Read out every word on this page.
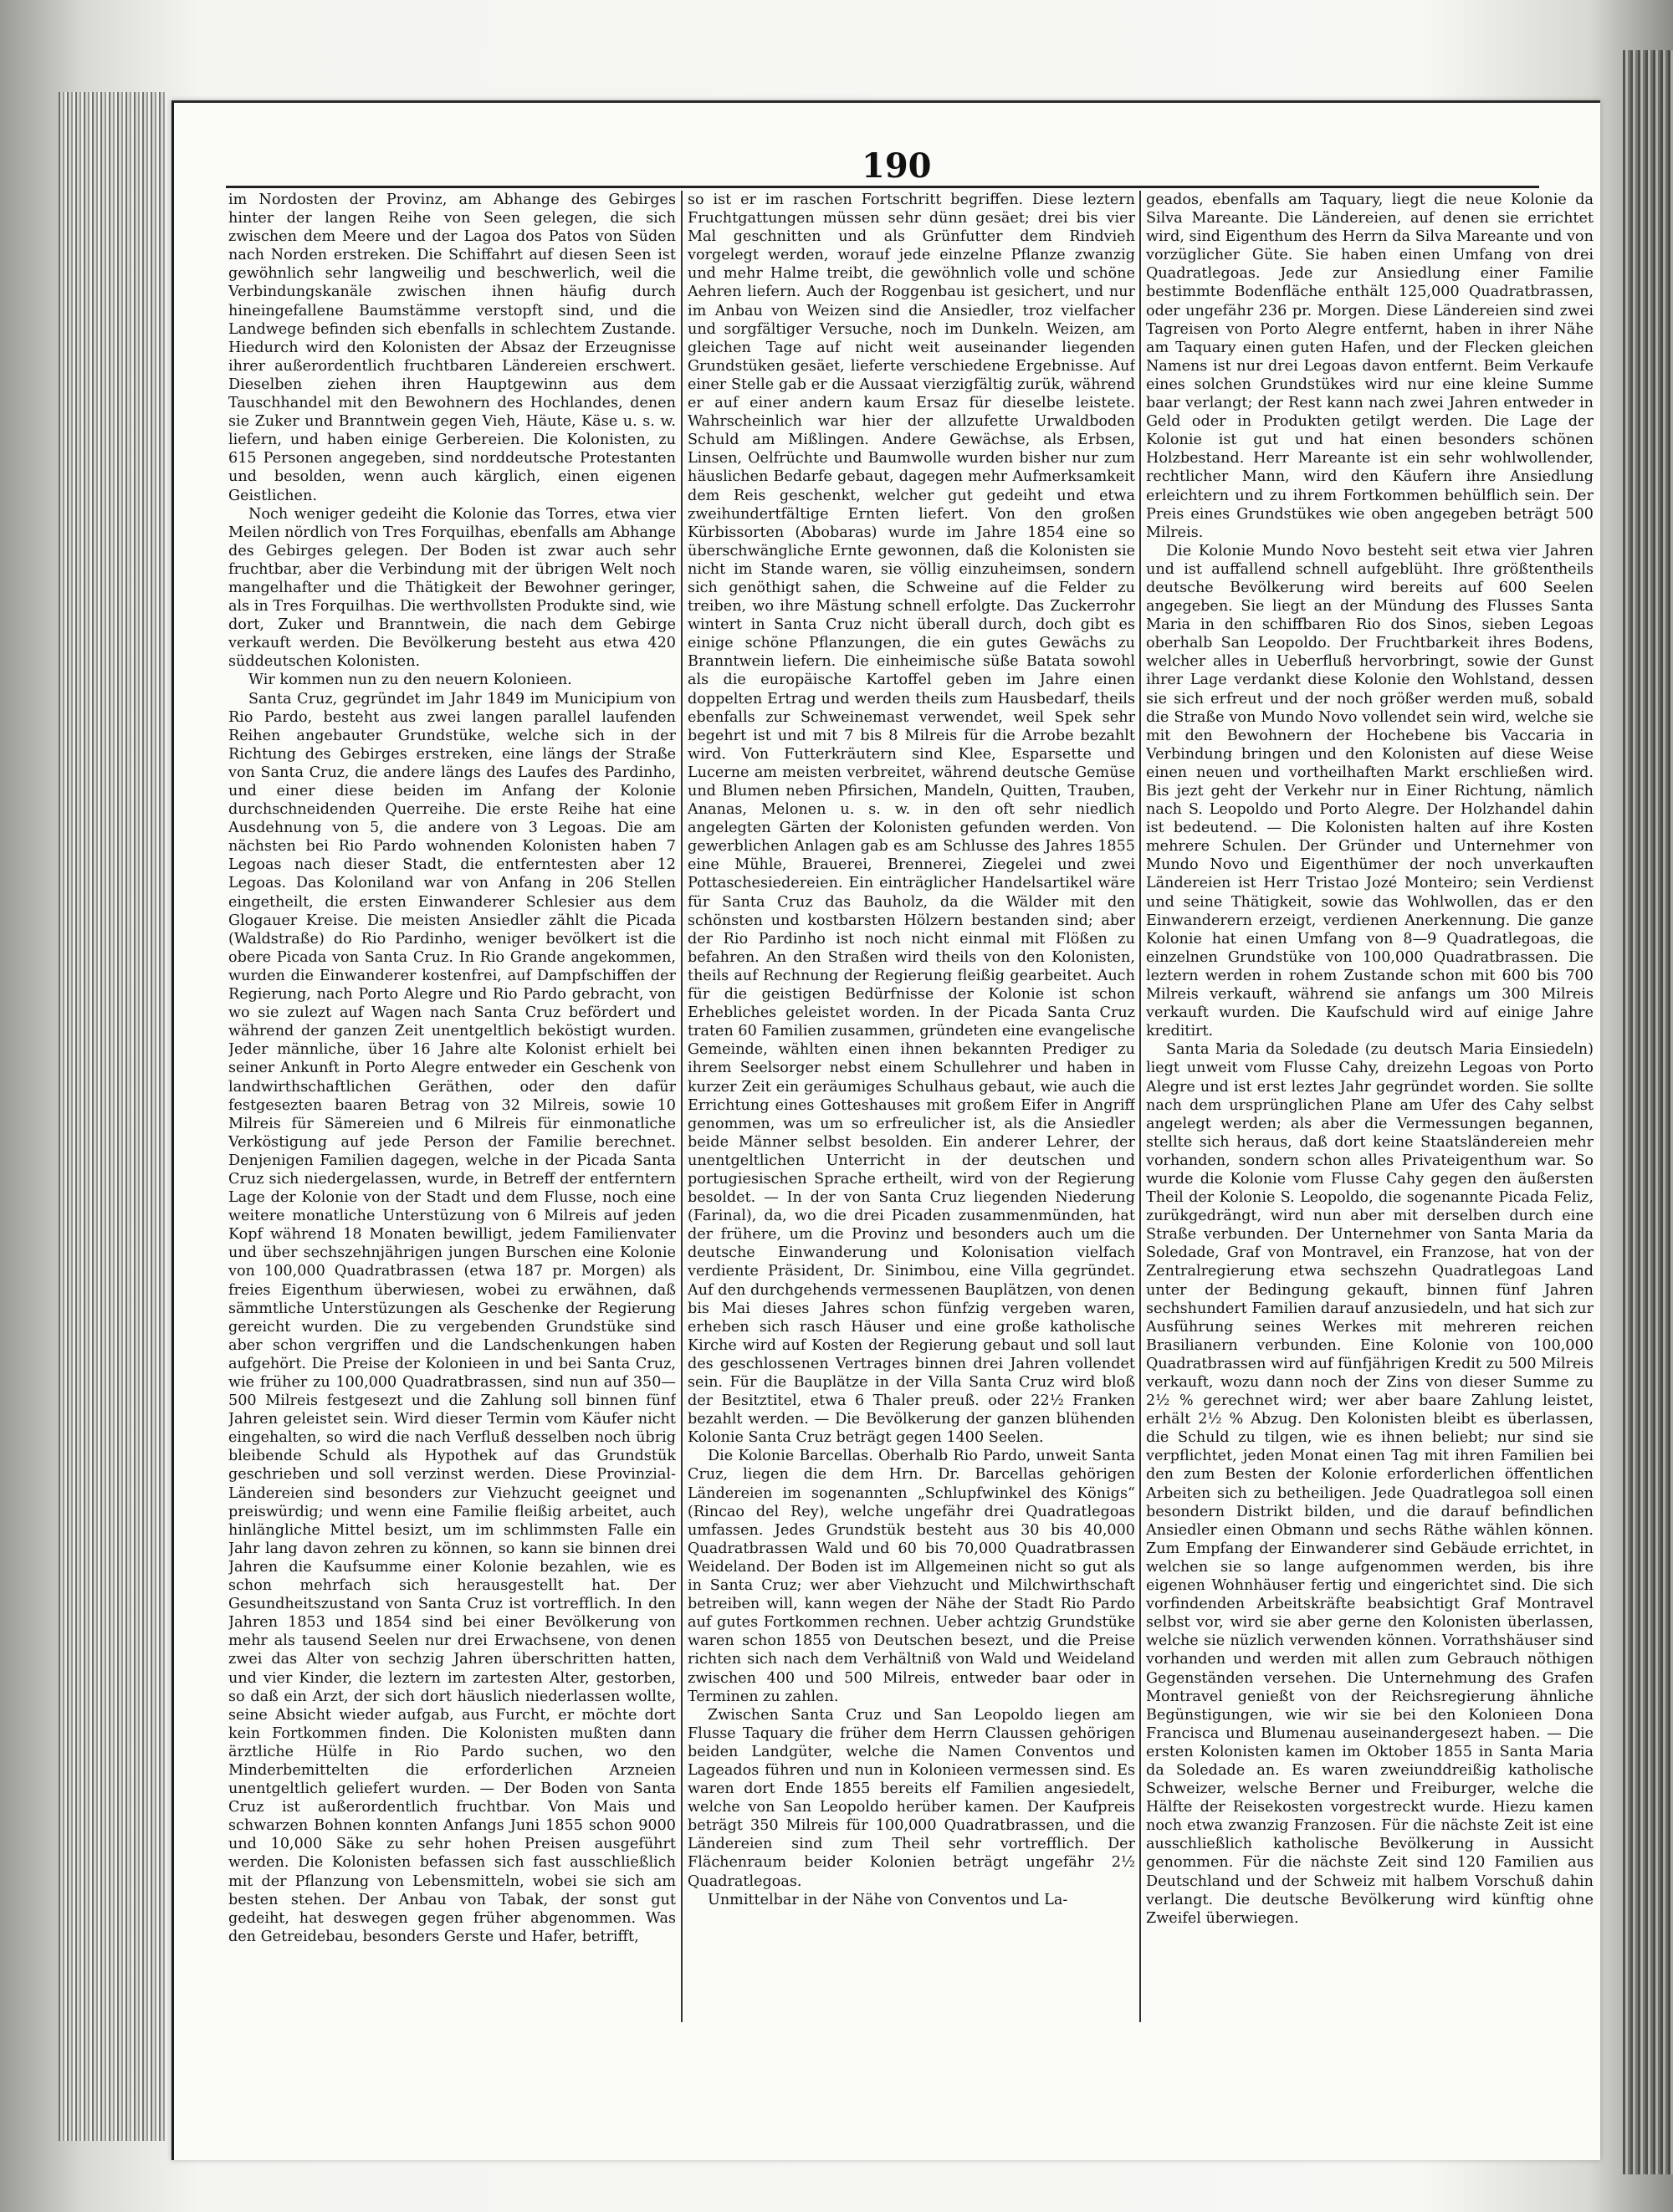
190

im Nordosten der Provinz, am Abhange des Gebirges hinter der langen Reihe von Seen gelegen, die sich zwischen dem Meere und der Lagoa dos Patos von Süden nach Norden erstreken. Die Schiffahrt auf diesen Seen ist gewöhnlich sehr langweilig und beschwerlich, weil die Verbindungskanäle zwischen ihnen häufig durch hineingefallene Baumstämme verstopft sind, und die Landwege befinden sich ebenfalls in schlechtem Zustande. Hiedurch wird den Kolonisten der Absaz der Erzeugnisse ihrer außerordentlich fruchtbaren Ländereien erschwert. Dieselben ziehen ihren Hauptgewinn aus dem Tauschhandel mit den Bewohnern des Hochlandes, denen sie Zuker und Branntwein gegen Vieh, Häute, Käse u. s. w. liefern, und haben einige Gerbereien. Die Kolonisten, zu 615 Personen angegeben, sind norddeutsche Protestanten und besolden, wenn auch kärglich, einen eigenen Geistlichen.

Noch weniger gedeiht die Kolonie das Torres, etwa vier Meilen nördlich von Tres Forquilhas, ebenfalls am Abhange des Gebirges gelegen. Der Boden ist zwar auch sehr fruchtbar, aber die Verbindung mit der übrigen Welt noch mangelhafter und die Thätigkeit der Bewohner geringer, als in Tres Forquilhas. Die werthvollsten Produkte sind, wie dort, Zuker und Branntwein, die nach dem Gebirge verkauft werden. Die Bevölkerung besteht aus etwa 420 süddeutschen Kolonisten.

Wir kommen nun zu den neuern Kolonieen.

Santa Cruz, gegründet im Jahr 1849 im Municipium von Rio Pardo, besteht aus zwei langen parallel laufenden Reihen angebauter Grundstüke, welche sich in der Richtung des Gebirges erstreken, eine längs der Straße von Santa Cruz, die andere längs des Laufes des Pardinho, und einer diese beiden im Anfang der Kolonie durchschneidenden Querreihe. Die erste Reihe hat eine Ausdehnung von 5, die andere von 3 Legoas. Die am nächsten bei Rio Pardo wohnenden Kolonisten haben 7 Legoas nach dieser Stadt, die entferntesten aber 12 Legoas. Das Koloniland war von Anfang in 206 Stellen eingetheilt, die ersten Einwanderer Schlesier aus dem Glogauer Kreise. Die meisten Ansiedler zählt die Picada (Waldstraße) do Rio Pardinho, weniger bevölkert ist die obere Picada von Santa Cruz. In Rio Grande angekommen, wurden die Einwanderer kostenfrei, auf Dampfschiffen der Regierung, nach Porto Alegre und Rio Pardo gebracht, von wo sie zulezt auf Wagen nach Santa Cruz befördert und während der ganzen Zeit unentgeltlich beköstigt wurden. Jeder männliche, über 16 Jahre alte Kolonist erhielt bei seiner Ankunft in Porto Alegre entweder ein Geschenk von landwirthschaftlichen Geräthen, oder den dafür festgesezten baaren Betrag von 32 Milreis, sowie 10 Milreis für Sämereien und 6 Milreis für einmonatliche Verköstigung auf jede Person der Familie berechnet. Denjenigen Familien dagegen, welche in der Picada Santa Cruz sich niedergelassen, wurde, in Betreff der entferntern Lage der Kolonie von der Stadt und dem Flusse, noch eine weitere monatliche Unterstüzung von 6 Milreis auf jeden Kopf während 18 Monaten bewilligt, jedem Familienvater und über sechszehnjährigen jungen Burschen eine Kolonie von 100,000 Quadratbrassen (etwa 187 pr. Morgen) als freies Eigenthum überwiesen, wobei zu erwähnen, daß sämmtliche Unterstüzungen als Geschenke der Regierung gereicht wurden. Die zu vergebenden Grundstüke sind aber schon vergriffen und die Landschenkungen haben aufgehört. Die Preise der Kolonieen in und bei Santa Cruz, wie früher zu 100,000 Quadratbrassen, sind nun auf 350—500 Milreis festgesezt und die Zahlung soll binnen fünf Jahren geleistet sein. Wird dieser Termin vom Käufer nicht eingehalten, so wird die nach Verfluß desselben noch übrig bleibende Schuld als Hypothek auf das Grundstük geschrieben und soll verzinst werden. Diese Provinzial-Ländereien sind besonders zur Viehzucht geeignet und preiswürdig; und wenn eine Familie fleißig arbeitet, auch hinlängliche Mittel besizt, um im schlimmsten Falle ein Jahr lang davon zehren zu können, so kann sie binnen drei Jahren die Kaufsumme einer Kolonie bezahlen, wie es schon mehrfach sich herausgestellt hat. Der Gesundheitszustand von Santa Cruz ist vortrefflich. In den Jahren 1853 und 1854 sind bei einer Bevölkerung von mehr als tausend Seelen nur drei Erwachsene, von denen zwei das Alter von sechzig Jahren überschritten hatten, und vier Kinder, die leztern im zartesten Alter, gestorben, so daß ein Arzt, der sich dort häuslich niederlassen wollte, seine Absicht wieder aufgab, aus Furcht, er möchte dort kein Fortkommen finden. Die Kolonisten mußten dann ärztliche Hülfe in Rio Pardo suchen, wo den Minderbemittelten die erforderlichen Arzneien unentgeltlich geliefert wurden. — Der Boden von Santa Cruz ist außerordentlich fruchtbar. Von Mais und schwarzen Bohnen konnten Anfangs Juni 1855 schon 9000 und 10,000 Säke zu sehr hohen Preisen ausgeführt werden. Die Kolonisten befassen sich fast ausschließlich mit der Pflanzung von Lebensmitteln, wobei sie sich am besten stehen. Der Anbau von Tabak, der sonst gut gedeiht, hat deswegen gegen früher abgenommen. Was den Getreidebau, besonders Gerste und Hafer, betrifft,

so ist er im raschen Fortschritt begriffen. Diese leztern Fruchtgattungen müssen sehr dünn gesäet; drei bis vier Mal geschnitten und als Grünfutter dem Rindvieh vorgelegt werden, worauf jede einzelne Pflanze zwanzig und mehr Halme treibt, die gewöhnlich volle und schöne Aehren liefern. Auch der Roggenbau ist gesichert, und nur im Anbau von Weizen sind die Ansiedler, troz vielfacher und sorgfältiger Versuche, noch im Dunkeln. Weizen, am gleichen Tage auf nicht weit auseinander liegenden Grundstüken gesäet, lieferte verschiedene Ergebnisse. Auf einer Stelle gab er die Aussaat vierzigfältig zurük, während er auf einer andern kaum Ersaz für dieselbe leistete. Wahrscheinlich war hier der allzufette Urwaldboden Schuld am Mißlingen. Andere Gewächse, als Erbsen, Linsen, Oelfrüchte und Baumwolle wurden bisher nur zum häuslichen Bedarfe gebaut, dagegen mehr Aufmerksamkeit dem Reis geschenkt, welcher gut gedeiht und etwa zweihundertfältige Ernten liefert. Von den großen Kürbissorten (Abobaras) wurde im Jahre 1854 eine so überschwängliche Ernte gewonnen, daß die Kolonisten sie nicht im Stande waren, sie völlig einzuheimsen, sondern sich genöthigt sahen, die Schweine auf die Felder zu treiben, wo ihre Mästung schnell erfolgte. Das Zuckerrohr wintert in Santa Cruz nicht überall durch, doch gibt es einige schöne Pflanzungen, die ein gutes Gewächs zu Branntwein liefern. Die einheimische süße Batata sowohl als die europäische Kartoffel geben im Jahre einen doppelten Ertrag und werden theils zum Hausbedarf, theils ebenfalls zur Schweinemast verwendet, weil Spek sehr begehrt ist und mit 7 bis 8 Milreis für die Arrobe bezahlt wird. Von Futterkräutern sind Klee, Esparsette und Lucerne am meisten verbreitet, während deutsche Gemüse und Blumen neben Pfirsichen, Mandeln, Quitten, Trauben, Ananas, Melonen u. s. w. in den oft sehr niedlich angelegten Gärten der Kolonisten gefunden werden. Von gewerblichen Anlagen gab es am Schlusse des Jahres 1855 eine Mühle, Brauerei, Brennerei, Ziegelei und zwei Pottaschesiedereien. Ein einträglicher Handelsartikel wäre für Santa Cruz das Bauholz, da die Wälder mit den schönsten und kostbarsten Hölzern bestanden sind; aber der Rio Pardinho ist noch nicht einmal mit Flößen zu befahren. An den Straßen wird theils von den Kolonisten, theils auf Rechnung der Regierung fleißig gearbeitet. Auch für die geistigen Bedürfnisse der Kolonie ist schon Erhebliches geleistet worden. In der Picada Santa Cruz traten 60 Familien zusammen, gründeten eine evangelische Gemeinde, wählten einen ihnen bekannten Prediger zu ihrem Seelsorger nebst einem Schullehrer und haben in kurzer Zeit ein geräumiges Schulhaus gebaut, wie auch die Errichtung eines Gotteshauses mit großem Eifer in Angriff genommen, was um so erfreulicher ist, als die Ansiedler beide Männer selbst besolden. Ein anderer Lehrer, der unentgeltlichen Unterricht in der deutschen und portugiesischen Sprache ertheilt, wird von der Regierung besoldet. — In der von Santa Cruz liegenden Niederung (Farinal), da, wo die drei Picaden zusammenmünden, hat der frühere, um die Provinz und besonders auch um die deutsche Einwanderung und Kolonisation vielfach verdiente Präsident, Dr. Sinimbou, eine Villa gegründet. Auf den durchgehends vermessenen Bauplätzen, von denen bis Mai dieses Jahres schon fünfzig vergeben waren, erheben sich rasch Häuser und eine große katholische Kirche wird auf Kosten der Regierung gebaut und soll laut des geschlossenen Vertrages binnen drei Jahren vollendet sein. Für die Bauplätze in der Villa Santa Cruz wird bloß der Besitztitel, etwa 6 Thaler preuß. oder 22½ Franken bezahlt werden. — Die Bevölkerung der ganzen blühenden Kolonie Santa Cruz beträgt gegen 1400 Seelen.

Die Kolonie Barcellas. Oberhalb Rio Pardo, unweit Santa Cruz, liegen die dem Hrn. Dr. Barcellas gehörigen Ländereien im sogenannten „Schlupfwinkel des Königs“ (Rincao del Rey), welche ungefähr drei Quadratlegoas umfassen. Jedes Grundstük besteht aus 30 bis 40,000 Quadratbrassen Wald und 60 bis 70,000 Quadratbrassen Weideland. Der Boden ist im Allgemeinen nicht so gut als in Santa Cruz; wer aber Viehzucht und Milchwirthschaft betreiben will, kann wegen der Nähe der Stadt Rio Pardo auf gutes Fortkommen rechnen. Ueber achtzig Grundstüke waren schon 1855 von Deutschen besezt, und die Preise richten sich nach dem Verhältniß von Wald und Weideland zwischen 400 und 500 Milreis, entweder baar oder in Terminen zu zahlen.

Zwischen Santa Cruz und San Leopoldo liegen am Flusse Taquary die früher dem Herrn Claussen gehörigen beiden Landgüter, welche die Namen Conventos und Lageados führen und nun in Kolonieen vermessen sind. Es waren dort Ende 1855 bereits elf Familien angesiedelt, welche von San Leopoldo herüber kamen. Der Kaufpreis beträgt 350 Milreis für 100,000 Quadratbrassen, und die Ländereien sind zum Theil sehr vortrefflich. Der Flächenraum beider Kolonien beträgt ungefähr 2½ Quadratlegoas.

Unmittelbar in der Nähe von Conventos und La-

geados, ebenfalls am Taquary, liegt die neue Kolonie da Silva Mareante. Die Ländereien, auf denen sie errichtet wird, sind Eigenthum des Herrn da Silva Mareante und von vorzüglicher Güte. Sie haben einen Umfang von drei Quadratlegoas. Jede zur Ansiedlung einer Familie bestimmte Bodenfläche enthält 125,000 Quadratbrassen, oder ungefähr 236 pr. Morgen. Diese Ländereien sind zwei Tagreisen von Porto Alegre entfernt, haben in ihrer Nähe am Taquary einen guten Hafen, und der Flecken gleichen Namens ist nur drei Legoas davon entfernt. Beim Verkaufe eines solchen Grundstükes wird nur eine kleine Summe baar verlangt; der Rest kann nach zwei Jahren entweder in Geld oder in Produkten getilgt werden. Die Lage der Kolonie ist gut und hat einen besonders schönen Holzbestand. Herr Mareante ist ein sehr wohlwollender, rechtlicher Mann, wird den Käufern ihre Ansiedlung erleichtern und zu ihrem Fortkommen behülflich sein. Der Preis eines Grundstükes wie oben angegeben beträgt 500 Milreis.

Die Kolonie Mundo Novo besteht seit etwa vier Jahren und ist auffallend schnell aufgeblüht. Ihre größtentheils deutsche Bevölkerung wird bereits auf 600 Seelen angegeben. Sie liegt an der Mündung des Flusses Santa Maria in den schiffbaren Rio dos Sinos, sieben Legoas oberhalb San Leopoldo. Der Fruchtbarkeit ihres Bodens, welcher alles in Ueberfluß hervorbringt, sowie der Gunst ihrer Lage verdankt diese Kolonie den Wohlstand, dessen sie sich erfreut und der noch größer werden muß, sobald die Straße von Mundo Novo vollendet sein wird, welche sie mit den Bewohnern der Hochebene bis Vaccaria in Verbindung bringen und den Kolonisten auf diese Weise einen neuen und vortheilhaften Markt erschließen wird. Bis jezt geht der Verkehr nur in Einer Richtung, nämlich nach S. Leopoldo und Porto Alegre. Der Holzhandel dahin ist bedeutend. — Die Kolonisten halten auf ihre Kosten mehrere Schulen. Der Gründer und Unternehmer von Mundo Novo und Eigenthümer der noch unverkauften Ländereien ist Herr Tristao Jozé Monteiro; sein Verdienst und seine Thätigkeit, sowie das Wohlwollen, das er den Einwanderern erzeigt, verdienen Anerkennung. Die ganze Kolonie hat einen Umfang von 8—9 Quadratlegoas, die einzelnen Grundstüke von 100,000 Quadratbrassen. Die leztern werden in rohem Zustande schon mit 600 bis 700 Milreis verkauft, während sie anfangs um 300 Milreis verkauft wurden. Die Kaufschuld wird auf einige Jahre kreditirt.

Santa Maria da Soledade (zu deutsch Maria Einsiedeln) liegt unweit vom Flusse Cahy, dreizehn Legoas von Porto Alegre und ist erst leztes Jahr gegründet worden. Sie sollte nach dem ursprünglichen Plane am Ufer des Cahy selbst angelegt werden; als aber die Vermessungen begannen, stellte sich heraus, daß dort keine Staatsländereien mehr vorhanden, sondern schon alles Privateigenthum war. So wurde die Kolonie vom Flusse Cahy gegen den äußersten Theil der Kolonie S. Leopoldo, die sogenannte Picada Feliz, zurükgedrängt, wird nun aber mit derselben durch eine Straße verbunden. Der Unternehmer von Santa Maria da Soledade, Graf von Montravel, ein Franzose, hat von der Zentralregierung etwa sechszehn Quadratlegoas Land unter der Bedingung gekauft, binnen fünf Jahren sechshundert Familien darauf anzusiedeln, und hat sich zur Ausführung seines Werkes mit mehreren reichen Brasilianern verbunden. Eine Kolonie von 100,000 Quadratbrassen wird auf fünfjährigen Kredit zu 500 Milreis verkauft, wozu dann noch der Zins von dieser Summe zu 2½ % gerechnet wird; wer aber baare Zahlung leistet, erhält 2½ % Abzug. Den Kolonisten bleibt es überlassen, die Schuld zu tilgen, wie es ihnen beliebt; nur sind sie verpflichtet, jeden Monat einen Tag mit ihren Familien bei den zum Besten der Kolonie erforderlichen öffentlichen Arbeiten sich zu betheiligen. Jede Quadratlegoa soll einen besondern Distrikt bilden, und die darauf befindlichen Ansiedler einen Obmann und sechs Räthe wählen können. Zum Empfang der Einwanderer sind Gebäude errichtet, in welchen sie so lange aufgenommen werden, bis ihre eigenen Wohnhäuser fertig und eingerichtet sind. Die sich vorfindenden Arbeitskräfte beabsichtigt Graf Montravel selbst vor, wird sie aber gerne den Kolonisten überlassen, welche sie nüzlich verwenden können. Vorrathshäuser sind vorhanden und werden mit allen zum Gebrauch nöthigen Gegenständen versehen. Die Unternehmung des Grafen Montravel genießt von der Reichsregierung ähnliche Begünstigungen, wie wir sie bei den Kolonieen Dona Francisca und Blumenau auseinandergesezt haben. — Die ersten Kolonisten kamen im Oktober 1855 in Santa Maria da Soledade an. Es waren zweiunddreißig katholische Schweizer, welsche Berner und Freiburger, welche die Hälfte der Reisekosten vorgestreckt wurde. Hiezu kamen noch etwa zwanzig Franzosen. Für die nächste Zeit ist eine ausschließlich katholische Bevölkerung in Aussicht genommen. Für die nächste Zeit sind 120 Familien aus Deutschland und der Schweiz mit halbem Vorschuß dahin verlangt. Die deutsche Bevölkerung wird künftig ohne Zweifel überwiegen.
